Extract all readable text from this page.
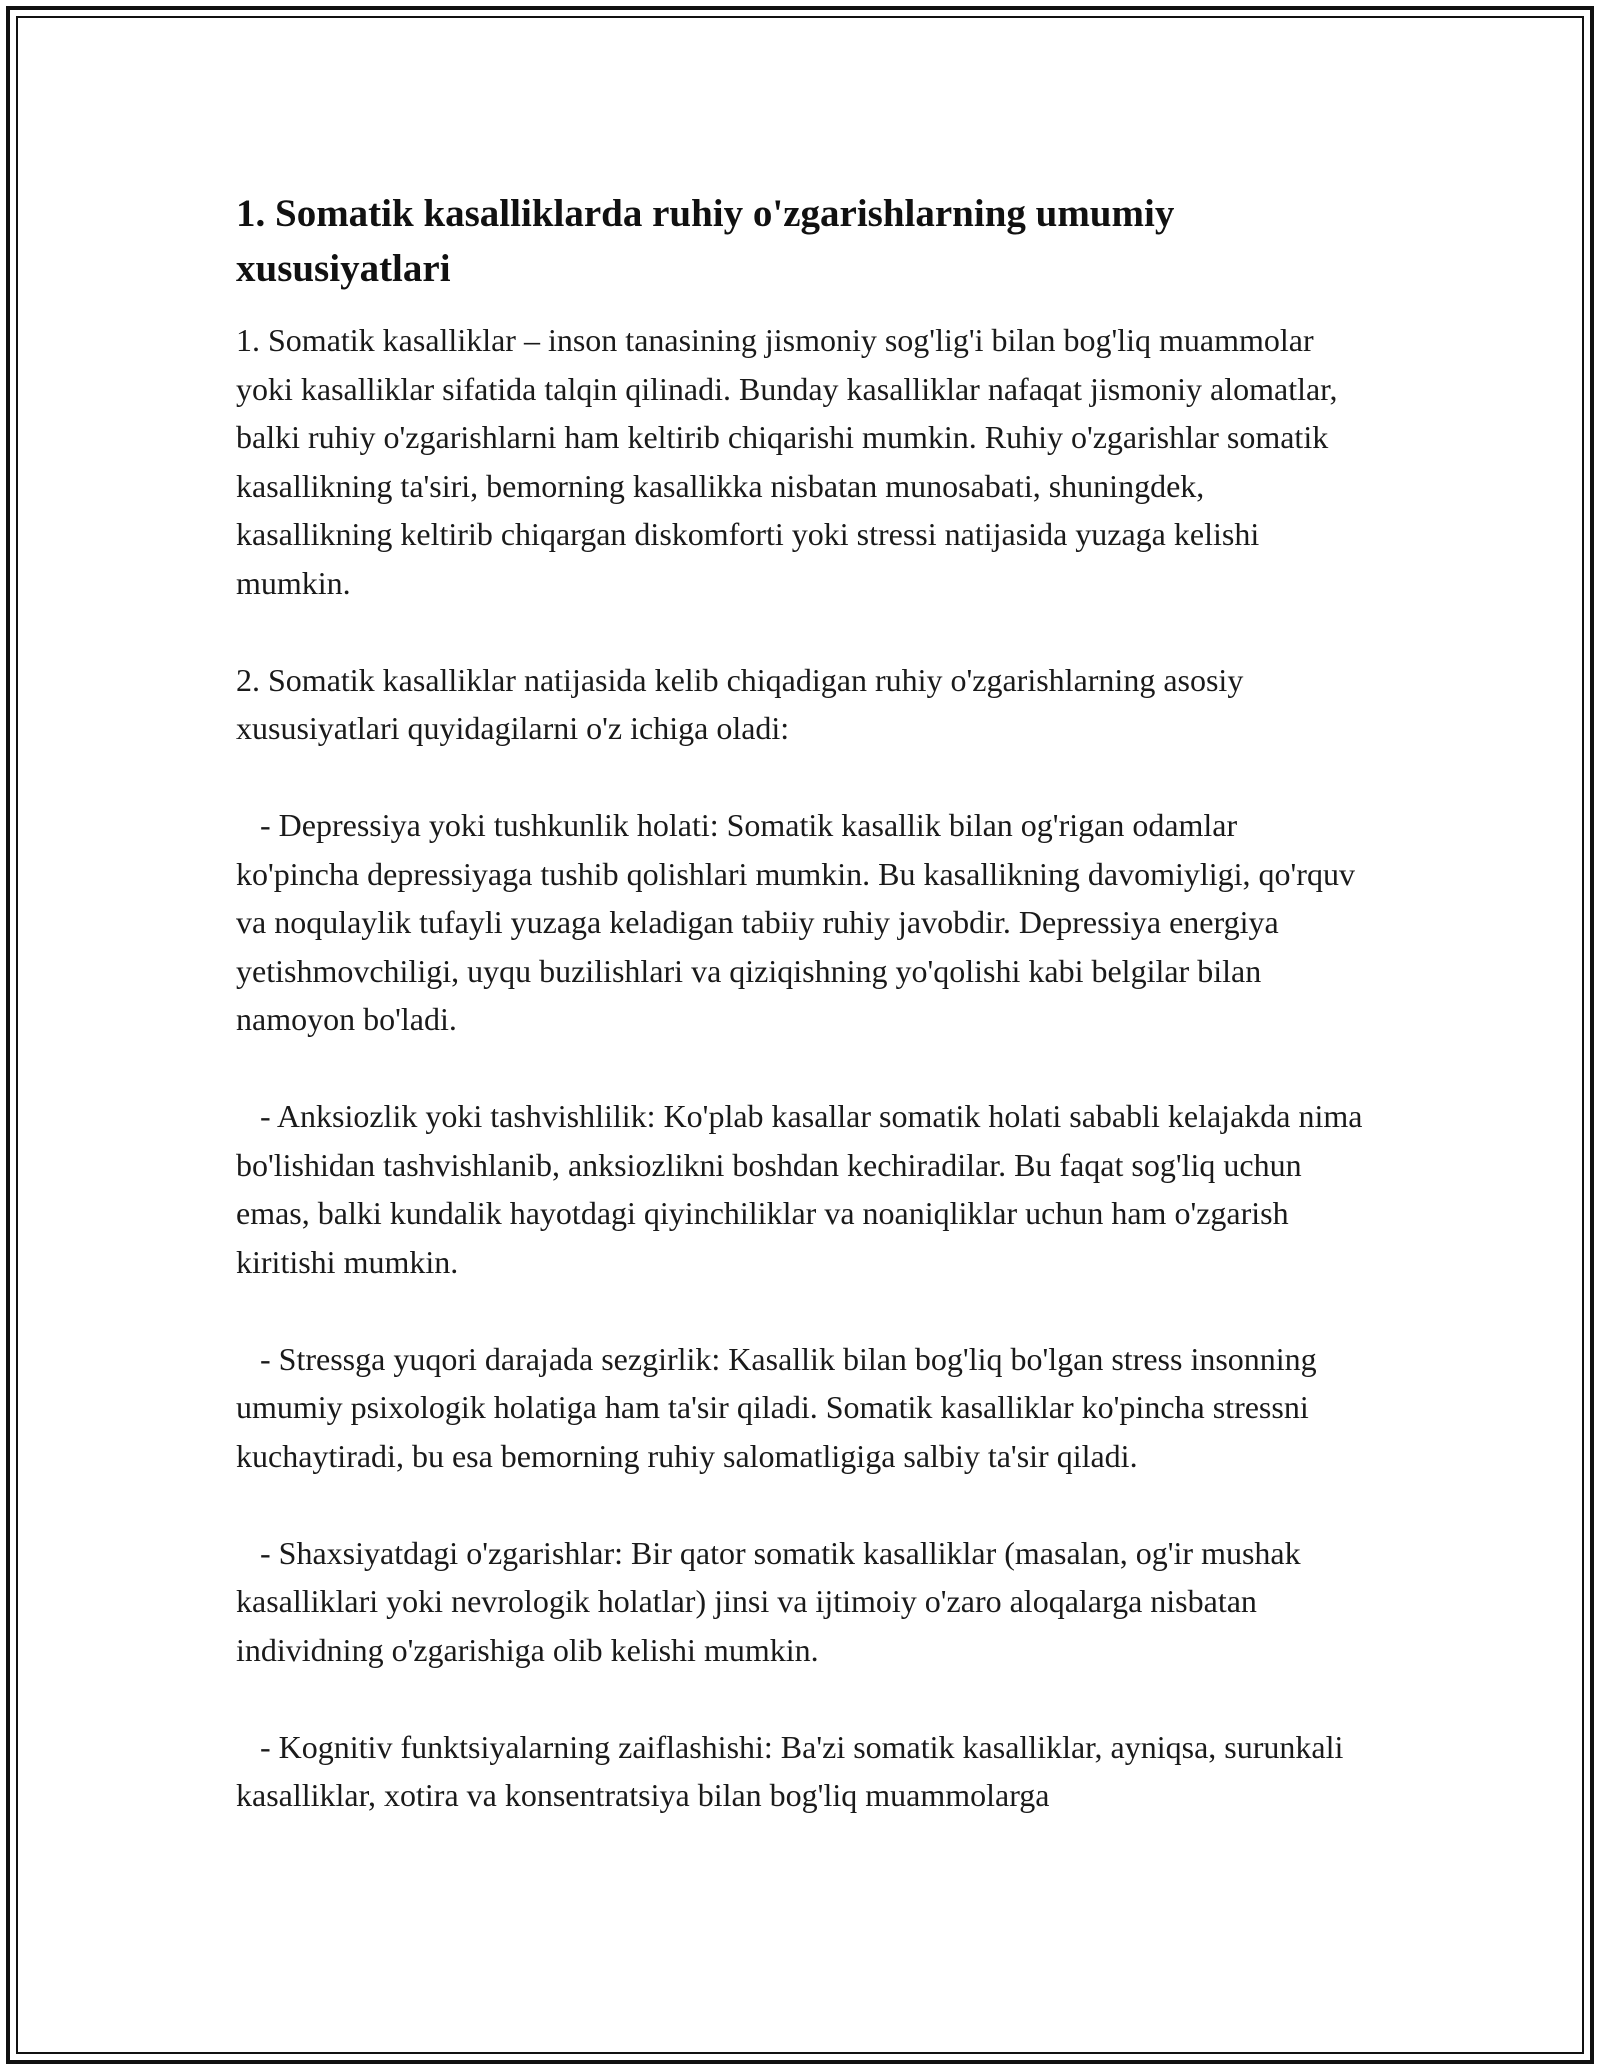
1. Somatik kasalliklarda ruhiy o'zgarishlarning umumiy xususiyatlari

1. Somatik kasalliklar – inson tanasining jismoniy sog'lig'i bilan bog'liq muammolar yoki kasalliklar sifatida talqin qilinadi. Bunday kasalliklar nafaqat jismoniy alomatlar, balki ruhiy o'zgarishlarni ham keltirib chiqarishi mumkin. Ruhiy o'zgarishlar somatik kasallikning ta'siri, bemorning kasallikka nisbatan munosabati, shuningdek, kasallikning keltirib chiqargan diskomforti yoki stressi natijasida yuzaga kelishi mumkin.

2. Somatik kasalliklar natijasida kelib chiqadigan ruhiy o'zgarishlarning asosiy xususiyatlari quyidagilarni o'z ichiga oladi:

- Depressiya yoki tushkunlik holati: Somatik kasallik bilan og'rigan odamlar ko'pincha depressiyaga tushib qolishlari mumkin. Bu kasallikning davomiyligi, qo'rquv va noqulaylik tufayli yuzaga keladigan tabiiy ruhiy javobdir. Depressiya energiya yetishmovchiligi, uyqu buzilishlari va qiziqishning yo'qolishi kabi belgilar bilan namoyon bo'ladi.

- Anksiozlik yoki tashvishlilik: Ko'plab kasallar somatik holati sababli kelajakda nima bo'lishidan tashvishlanib, anksiozlikni boshdan kechiradilar. Bu faqat sog'liq uchun emas, balki kundalik hayotdagi qiyinchiliklar va noaniqliklar uchun ham o'zgarish kiritishi mumkin.

- Stressga yuqori darajada sezgirlik: Kasallik bilan bog'liq bo'lgan stress insonning umumiy psixologik holatiga ham ta'sir qiladi. Somatik kasalliklar ko'pincha stressni kuchaytiradi, bu esa bemorning ruhiy salomatligiga salbiy ta'sir qiladi.

- Shaxsiyatdagi o'zgarishlar: Bir qator somatik kasalliklar (masalan, og'ir mushak kasalliklari yoki nevrologik holatlar) jinsi va ijtimoiy o'zaro aloqalarga nisbatan individning o'zgarishiga olib kelishi mumkin.

- Kognitiv funktsiyalarning zaiflashishi: Ba'zi somatik kasalliklar, ayniqsa, surunkali kasalliklar, xotira va konsentratsiya bilan bog'liq muammolarga
